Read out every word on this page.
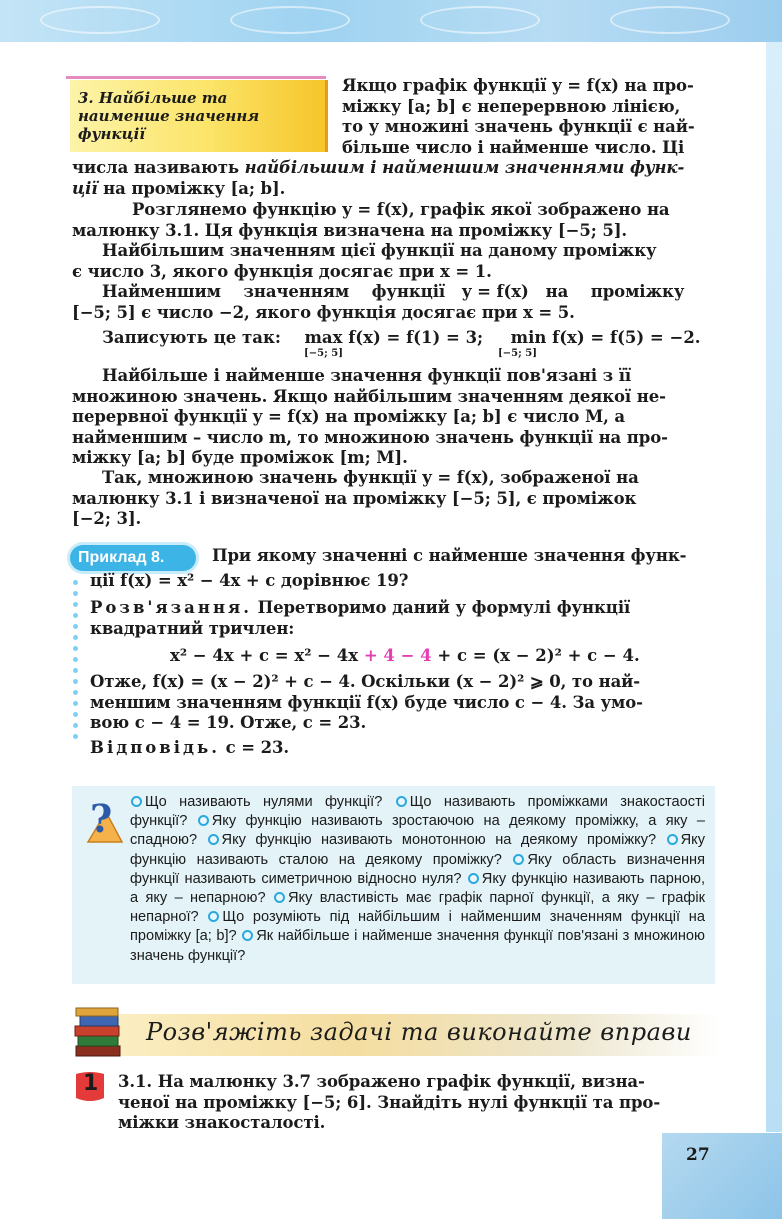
27
3. Найбільше та
наименше значення
функції
Якщо графік функції y = f(x) на про-
міжку [a; b] є неперервною лінією,
то у множині значень функції є най-
більше число і найменше число. Ці
числа називають найбільшим і найменшим значеннями функ-
ції на проміжку [a; b].
Розглянемо функцію y = f(x), графік якої зображено на
малюнку 3.1. Ця функція визначена на проміжку [−5; 5].
Найбільшим значенням цієї функції на даному проміжку
є число 3, якого функція досягає при x = 1.
Найменшим    значенням    функції   y = f(x)   на    проміжку
[−5; 5] є число −2, якого функція досягає при x = 5.
Записують це так: max f(x) = f(1) = 3; min f(x) = f(5) = −2.
[−5; 5]	[−5; 5]
Найбільше і найменше значення функції пов'язані з її
множиною значень. Якщо найбільшим значенням деякої не-
перервної функції y = f(x) на проміжку [a; b] є число M, а
найменшим – число m, то множиною значень функції на про-
міжку [a; b] буде проміжок [m; M].
Так, множиною значень функції y = f(x), зображеної на
малюнку 3.1 і визначеної на проміжку [−5; 5], є проміжок
[−2; 3].
Приклад 8.	При якому значенні c найменше значення функ-
ції f(x) = x² − 4x + c дорівнює 19?
Розв'язання. Перетворимо даний у формулі функції
квадратний тричлен:
x² − 4x + c = x² − 4x + 4 − 4 + c = (x − 2)² + c − 4.
Отже, f(x) = (x − 2)² + c − 4. Оскільки (x − 2)² ⩾ 0, то най-
меншим значенням функції f(x) буде число c − 4. За умо-
вою c − 4 = 19. Отже, c = 23.
Відповідь. c = 23.
?	Що називають нулями функції? Що називають проміжками знакостаості функції? Яку функцію називають зростаючою на деякому проміжку, а яку – спадною? Яку функцію називають монотонною на деякому проміжку? Яку функцію називають сталою на деякому проміжку? Яку область визначення функції називають симетричною відносно нуля? Яку функцію називають парною, а яку – непарною? Яку властивість має графік парної функції, а яку – графік непарної? Що розуміють під найбільшим і найменшим значенням функції на проміжку [a; b]? Як найбільше і найменше значення функції пов'язані з множиною значень функції?
Розв'яжіть задачі та виконайте вправи
1 3.1. На малюнку 3.7 зображено графік функції, визна-
ченої на проміжку [−5; 6]. Знайдіть нулі функції та про-
міжки знакосталості.
